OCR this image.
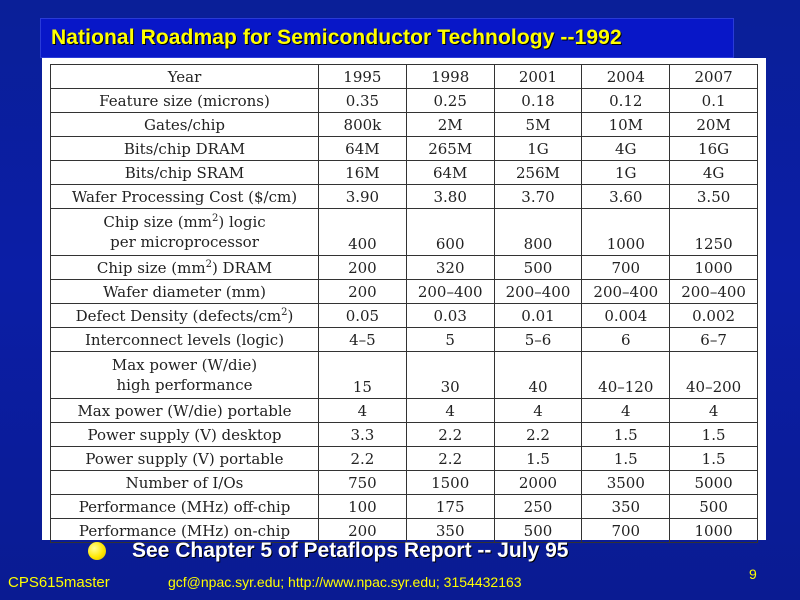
National Roadmap for Semiconductor Technology --1992
Year	1995	1998	2001	2004	2007
Feature size (microns)	0.35	0.25	0.18	0.12	0.1
Gates/chip	800k	2M	5M	10M	20M
Bits/chip DRAM	64M	265M	1G	4G	16G
Bits/chip SRAM	16M	64M	256M	1G	4G
Wafer Processing Cost ($/cm)	3.90	3.80	3.70	3.60	3.50
Chip size $(mm^2)$ logic
per microprocessor	400	600	800	1000	1250
Chip size $(mm^2)$ DRAM	200	320	500	700	1000
Wafer diameter (mm)	200	200–400	200–400	200–400	200–400
Defect Density $(defects/cm^2)$	0.05	0.03	0.01	0.004	0.002
Interconnect levels (logic)	4–5	5	5–6	6	6–7
Max power (W/die)
high performance	15	30	40	40–120	40–200
Max power (W/die) portable	4	4	4	4	4
Power supply (V) desktop	3.3	2.2	2.2	1.5	1.5
Power supply (V) portable	2.2	2.2	1.5	1.5	1.5
Number of I/Os	750	1500	2000	3500	5000
Performance (MHz) off-chip	100	175	250	350	500
Performance (MHz) on-chip	200	350	500	700	1000
See Chapter 5 of Petaflops Report -- July 95
CPS615master	gcf@npac.syr.edu; http://www.npac.syr.edu; 3154432163	9
